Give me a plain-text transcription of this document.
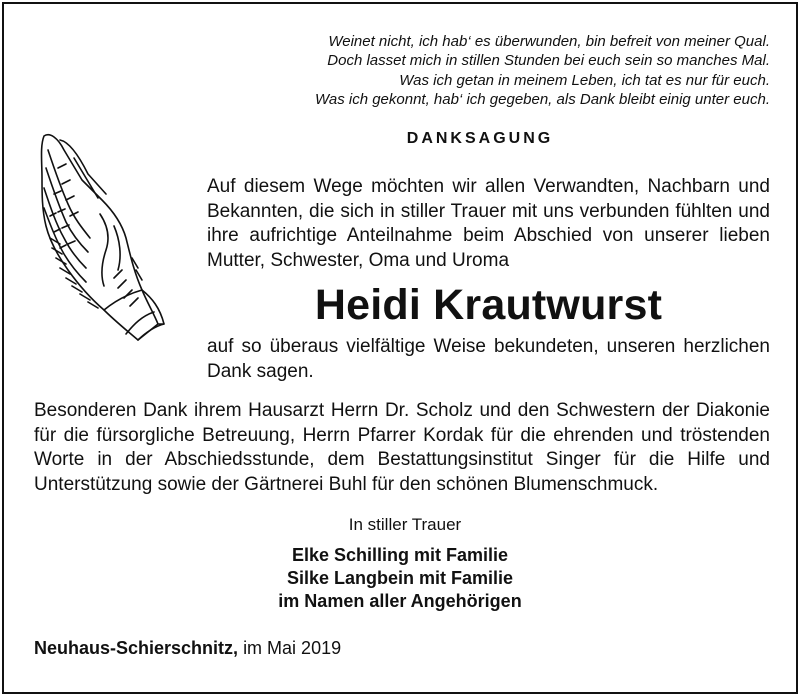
Weinet nicht, ich hab‘ es überwunden, bin befreit von meiner Qual.
Doch lasset mich in stillen Stunden bei euch sein so manches Mal.
Was ich getan in meinem Leben, ich tat es nur für euch.
Was ich gekonnt, hab‘ ich gegeben, als Dank bleibt einig unter euch.
DANKSAGUNG

Auf diesem Wege möchten wir allen Verwandten, Nachbarn und Bekannten, die sich in stiller Trauer mit uns verbunden fühlten und ihre aufrichtige Anteilnahme beim Abschied von unserer lieben Mutter, Schwester, Oma und Uroma

Heidi Krautwurst

auf so überaus vielfältige Weise bekundeten, unseren herzlichen Dank sagen.

Besonderen Dank ihrem Hausarzt Herrn Dr. Scholz und den Schwestern der Diakonie für die fürsorgliche Betreuung, Herrn Pfarrer Kordak für die ehrenden und tröstenden Worte in der Abschiedsstunde, dem Bestattungsinstitut Singer für die Hilfe und Unterstützung sowie der Gärtnerei Buhl für den schönen Blumenschmuck.

In stiller Trauer
Elke Schilling mit Familie
Silke Langbein mit Familie
im Namen aller Angehörigen
Neuhaus-Schierschnitz, im Mai 2019
